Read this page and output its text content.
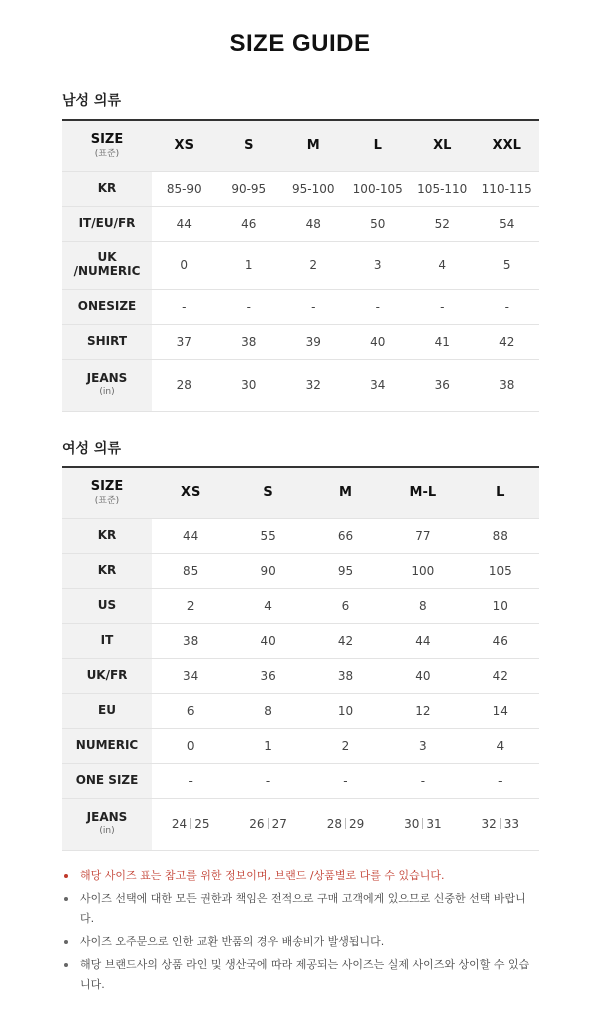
SIZE GUIDE
남성 의류
SIZE
(표준)	XS	S	M	L	XL	XXL
KR	85-90	90-95	95-100	100-105	105-110	110-115
IT/EU/FR	44	46	48	50	52	54

UK
/NUMERIC	0	1	2	3	4	5
ONESIZE	-	-	-	-	-	-
SHIRT	37	38	39	40	41	42
JEANS
(in)	28	30	32	34	36	38
여성 의류
SIZE
(표준)	XS	S	M	M-L	L
KR	44	55	66	77	88
KR	85	90	95	100	105
US	2	4	6	8	10
IT	38	40	42	44	46
UK/FR	34	36	38	40	42
EU	6	8	10	12	14
NUMERIC	0	1	2	3	4
ONE SIZE	-	-	-	-	-
JEANS
(in)	24 25	26 27	28 29	30 31	32 33
해당 사이즈 표는 참고를 위한 정보이며, 브랜드 /상품별로 다를 수 있습니다.
사이즈 선택에 대한 모든 권한과 책임은 전적으로 구매 고객에게 있으므로 신중한 선택 바랍니다.
사이즈 오주문으로 인한 교환 반품의 경우 배송비가 발생됩니다.
해당 브랜드사의 상품 라인 및 생산국에 따라 제공되는 사이즈는 실제 사이즈와 상이할 수 있습니다.
